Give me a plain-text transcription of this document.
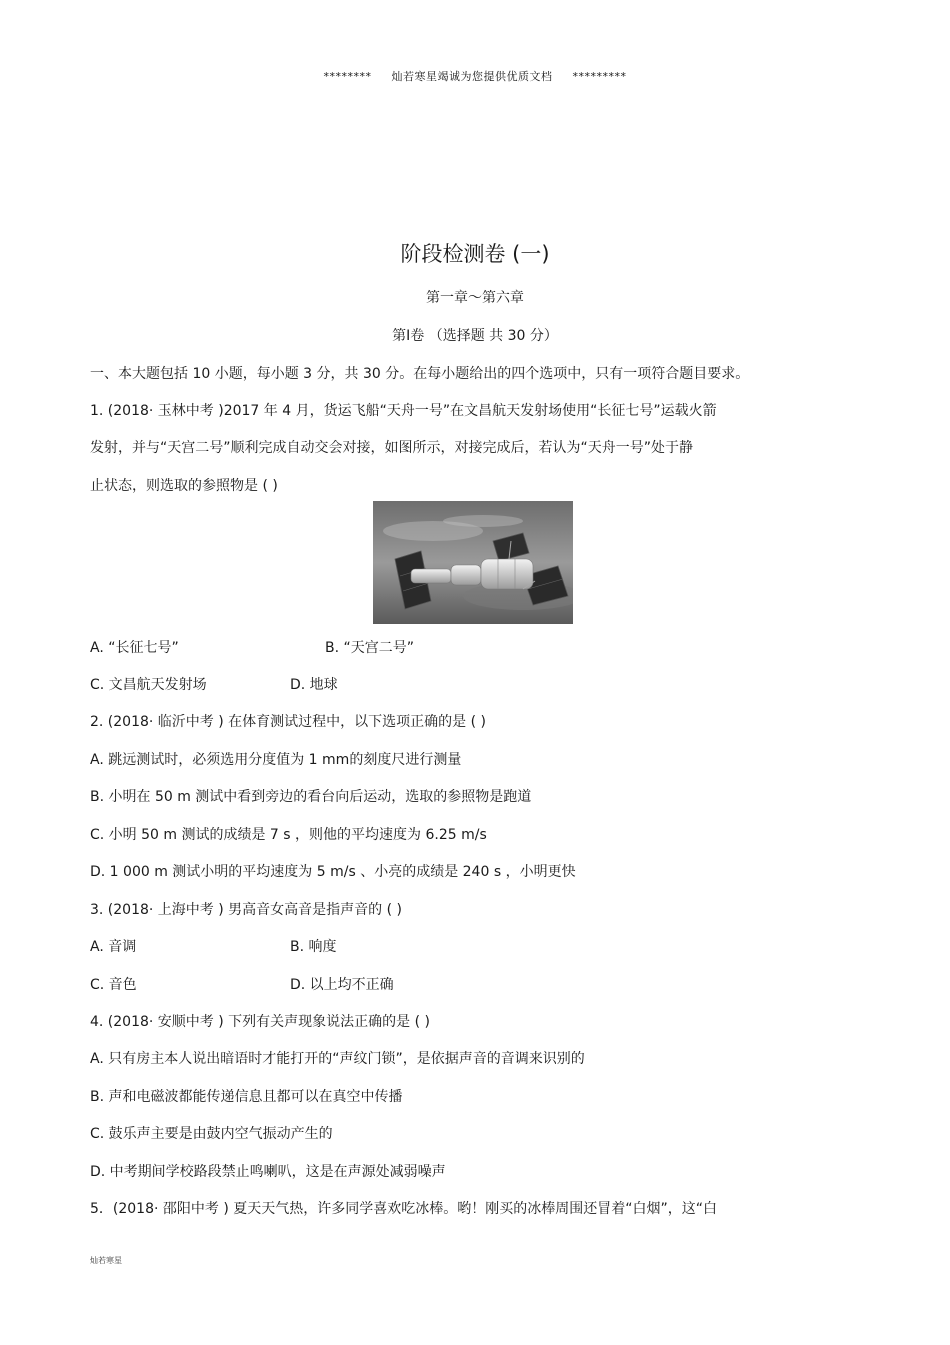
******** 灿若寒星竭诚为您提供优质文档 *********
阶段检测卷 (一)
第一章～第六章
第Ⅰ卷 （选择题 共 30 分）
一、本大题包括 10 小题，每小题 3 分，共 30 分。在每小题给出的四个选项中，只有一项符合题目要求。
1. (2018· 玉林中考 )2017 年 4 月，货运飞船“天舟一号”在文昌航天发射场使用“长征七号”运载火箭
发射，并与“天宫二号”顺利完成自动交会对接，如图所示，对接完成后，若认为“天舟一号”处于静
止状态，则选取的参照物是 ( )
A. “长征七号”	B. “天宫二号”
C. 文昌航天发射场	D. 地球
2. (2018· 临沂中考 ) 在体育测试过程中，以下选项正确的是 ( )
A. 跳远测试时，必须选用分度值为 1 mm的刻度尺进行测量
B. 小明在 50 m 测试中看到旁边的看台向后运动，选取的参照物是跑道
C. 小明 50 m 测试的成绩是 7 s ，则他的平均速度为 6.25 m/s
D. 1 000 m 测试小明的平均速度为 5 m/s 、小亮的成绩是 240 s ，小明更快
3. (2018· 上海中考 ) 男高音女高音是指声音的 ( )
A. 音调	B. 响度
C. 音色	D. 以上均不正确
4. (2018· 安顺中考 ) 下列有关声现象说法正确的是 ( )
A. 只有房主本人说出暗语时才能打开的“声纹门锁”，是依据声音的音调来识别的
B. 声和电磁波都能传递信息且都可以在真空中传播
C. 鼓乐声主要是由鼓内空气振动产生的
D. 中考期间学校路段禁止鸣喇叭，这是在声源处减弱噪声
5．(2018· 邵阳中考 ) 夏天天气热，许多同学喜欢吃冰棒。哟！刚买的冰棒周围还冒着“白烟”，这“白
灿若寒星
